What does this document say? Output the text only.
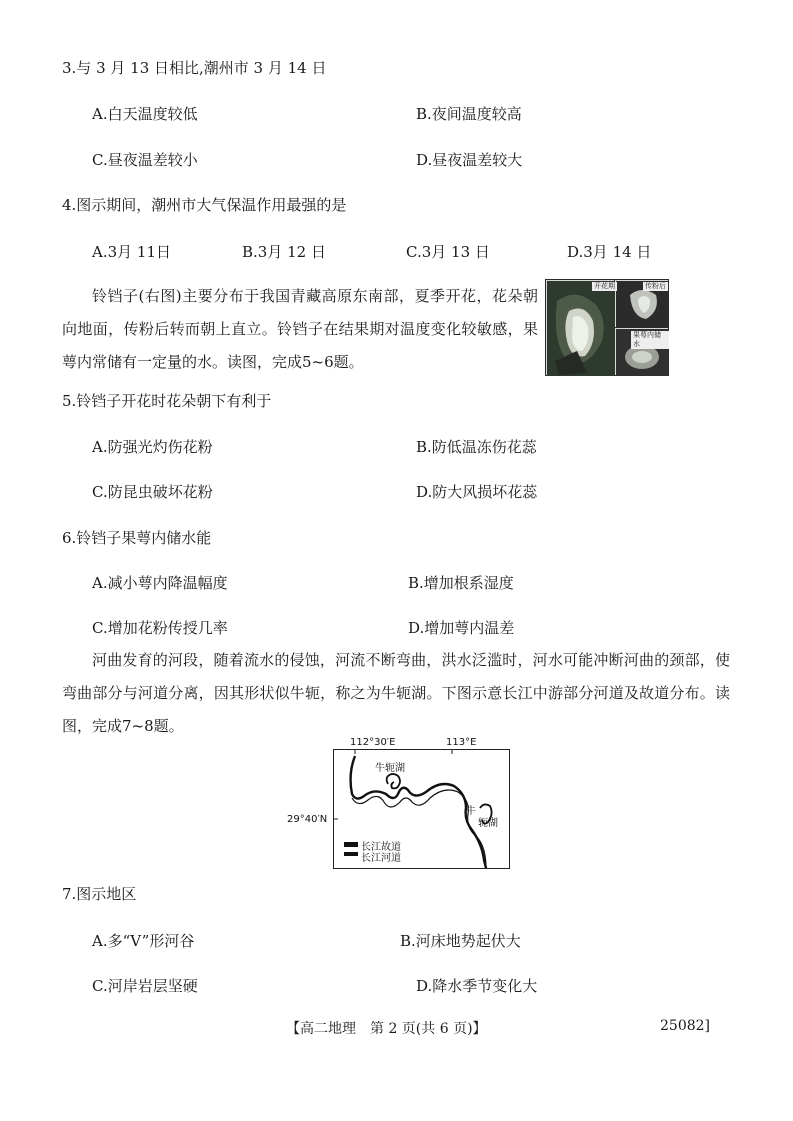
3.与 3 月 13 日相比,潮州市 3 月 14 日
A.白天温度较低	B.夜间温度较高
C.昼夜温差较小	D.昼夜温差较大
4.图示期间，潮州市大气保温作用最强的是
A.3月 11日	B.3月 12 日	C.3月 13 日	D.3月 14 日
铃铛子(右图)主要分布于我国青藏高原东南部，夏季开花，花朵朝向地面，传粉后转而朝上直立。铃铛子在结果期对温度变化较敏感，果萼内常储有一定量的水。读图，完成5~6题。
开花期	传粉后
果萼内储水
5.铃铛子开花时花朵朝下有利于
A.防强光灼伤花粉	B.防低温冻伤花蕊
C.防昆虫破坏花粉	D.防大风损坏花蕊
6.铃铛子果萼内储水能
A.减小萼内降温幅度	B.增加根系湿度
C.增加花粉传授几率	D.增加萼内温差
河曲发育的河段，随着流水的侵蚀，河流不断弯曲，洪水泛滥时，河水可能冲断河曲的颈部，使弯曲部分与河道分离，因其形状似牛轭，称之为牛轭湖。下图示意长江中游部分河道及故道分布。读图，完成7~8题。
112°30′E	113°E
29°40′N
牛轭湖
牛
轭湖
长江故道
长江河道
7.图示地区
A.多“V”形河谷	B.河床地势起伏大
C.河岸岩层坚硬	D.降水季节变化大
【高二地理　第 2 页(共 6 页)】	25082]
